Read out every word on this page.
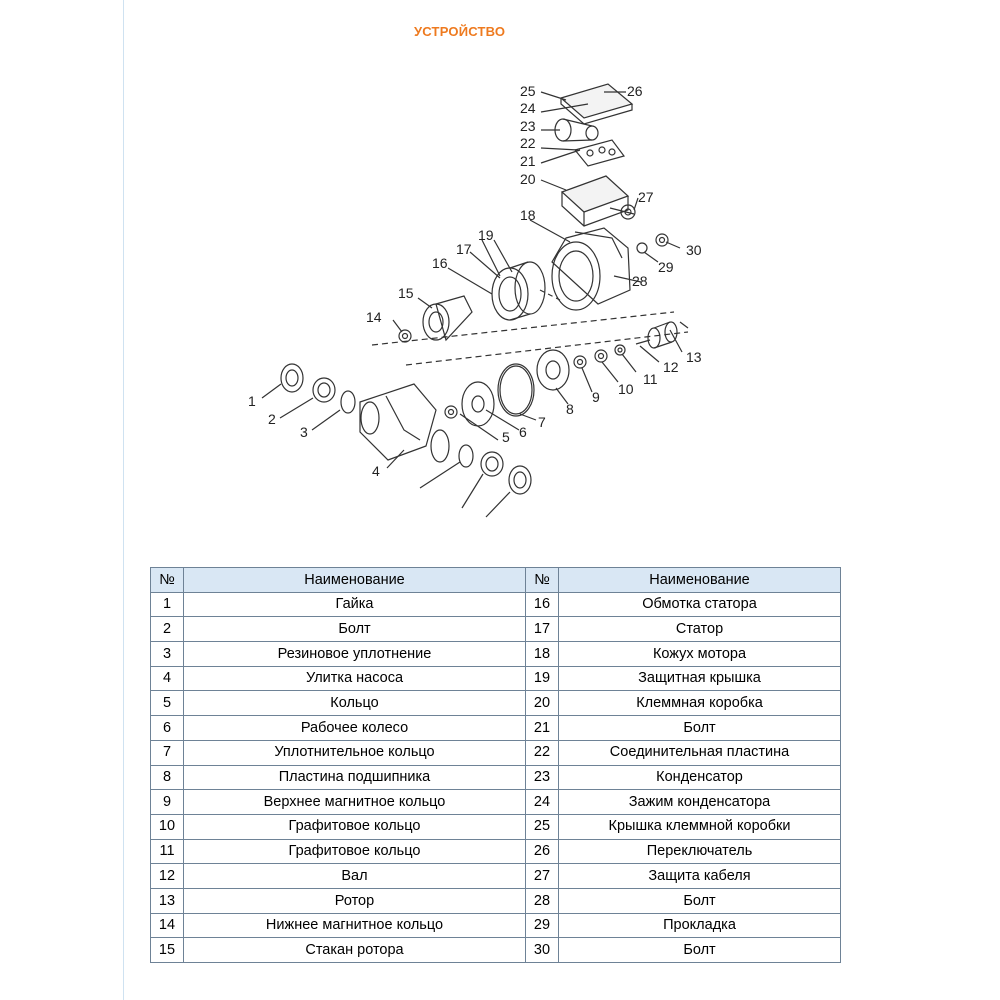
УСТРОЙСТВО
1
2
3
4
5 6
7
8
9 10
11
12
13
14
15
16
17
18
19
20
21
22
23
24
25	26
27
28
29
30
№	Наименование	№	Наименование
1	Гайка	16	Обмотка статора
2	Болт	17	Статор
3	Резиновое уплотнение	18	Кожух мотора
4	Улитка насоса	19	Защитная крышка
5	Кольцо	20	Клеммная коробка
6	Рабочее колесо	21	Болт
7	Уплотнительное кольцо	22	Соединительная пластина
8	Пластина подшипника	23	Конденсатор
9	Верхнее магнитное кольцо	24	Зажим конденсатора
10	Графитовое кольцо	25	Крышка клеммной коробки
11	Графитовое кольцо	26	Переключатель
12	Вал	27	Защита кабеля
13	Ротор	28	Болт
14	Нижнее магнитное кольцо	29	Прокладка
15	Стакан ротора	30	Болт
